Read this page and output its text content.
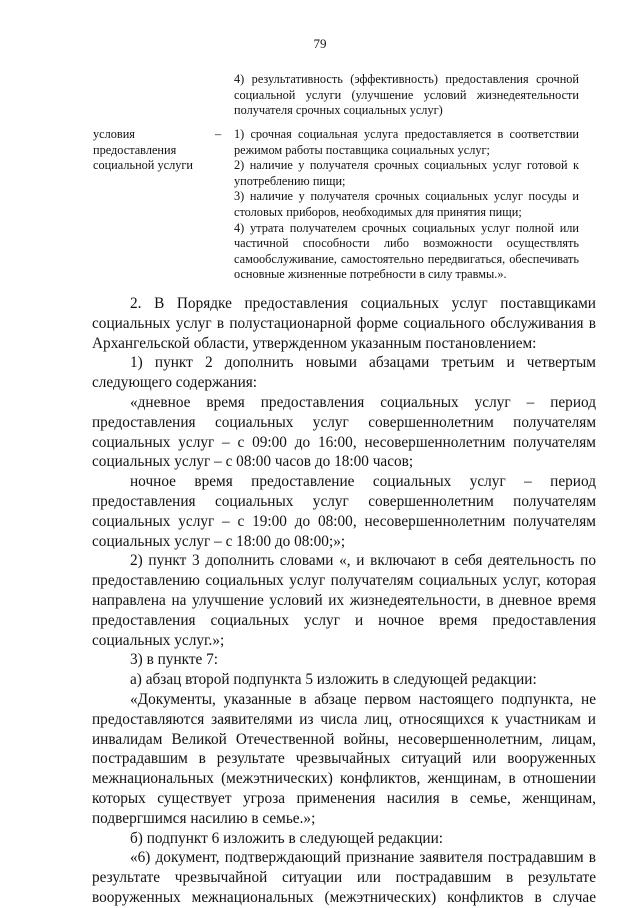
79

4) результативность (эффективность) предоставления срочной социальной услуги (улучшение условий жизнедеятельности получателя срочных социальных услуг)

условия
предоставления
социальной услуги
– 1) срочная социальная услуга предоставляется в соответствии режимом работы поставщика социальных услуг;

2) наличие у получателя срочных социальных услуг готовой к употреблению пищи;

3) наличие у получателя срочных социальных услуг посуды и столовых приборов, необходимых для принятия пищи;

4) утрата получателем срочных социальных услуг полной или частичной способности либо возможности осуществлять самообслуживание, самостоятельно передвигаться, обеспечивать основные жизненные потребности в силу травмы.».

2. В Порядке предоставления социальных услуг поставщиками социальных услуг в полустационарной форме социального обслуживания в Архангельской области, утвержденном указанным постановлением:

1) пункт 2 дополнить новыми абзацами третьим и четвертым следующего содержания:

«дневное время предоставления социальных услуг – период предоставления социальных услуг совершеннолетним получателям социальных услуг – с 09:00 до 16:00, несовершеннолетним получателям социальных услуг – с 08:00 часов до 18:00 часов;

ночное время предоставление социальных услуг – период предоставления социальных услуг совершеннолетним получателям социальных услуг – с 19:00 до 08:00, несовершеннолетним получателям социальных услуг – с 18:00 до 08:00;»;

2) пункт 3 дополнить словами «, и включают в себя деятельность по предоставлению социальных услуг получателям социальных услуг, которая направлена на улучшение условий их жизнедеятельности, в дневное время предоставления социальных услуг и ночное время предоставления социальных услуг.»;

3) в пункте 7:

а) абзац второй подпункта 5 изложить в следующей редакции:

«Документы, указанные в абзаце первом настоящего подпункта, не предоставляются заявителями из числа лиц, относящихся к участникам и инвалидам Великой Отечественной войны, несовершеннолетним, лицам, пострадавшим в результате чрезвычайных ситуаций или вооруженных межнациональных (межэтнических) конфликтов, женщинам, в отношении которых существует угроза применения насилия в семье, женщинам, подвергшимся насилию в семье.»;

б) подпункт 6 изложить в следующей редакции:

«6) документ, подтверждающий признание заявителя пострадавшим в результате чрезвычайной ситуации или пострадавшим в результате вооруженных межнациональных (межэтнических) конфликтов в случае
